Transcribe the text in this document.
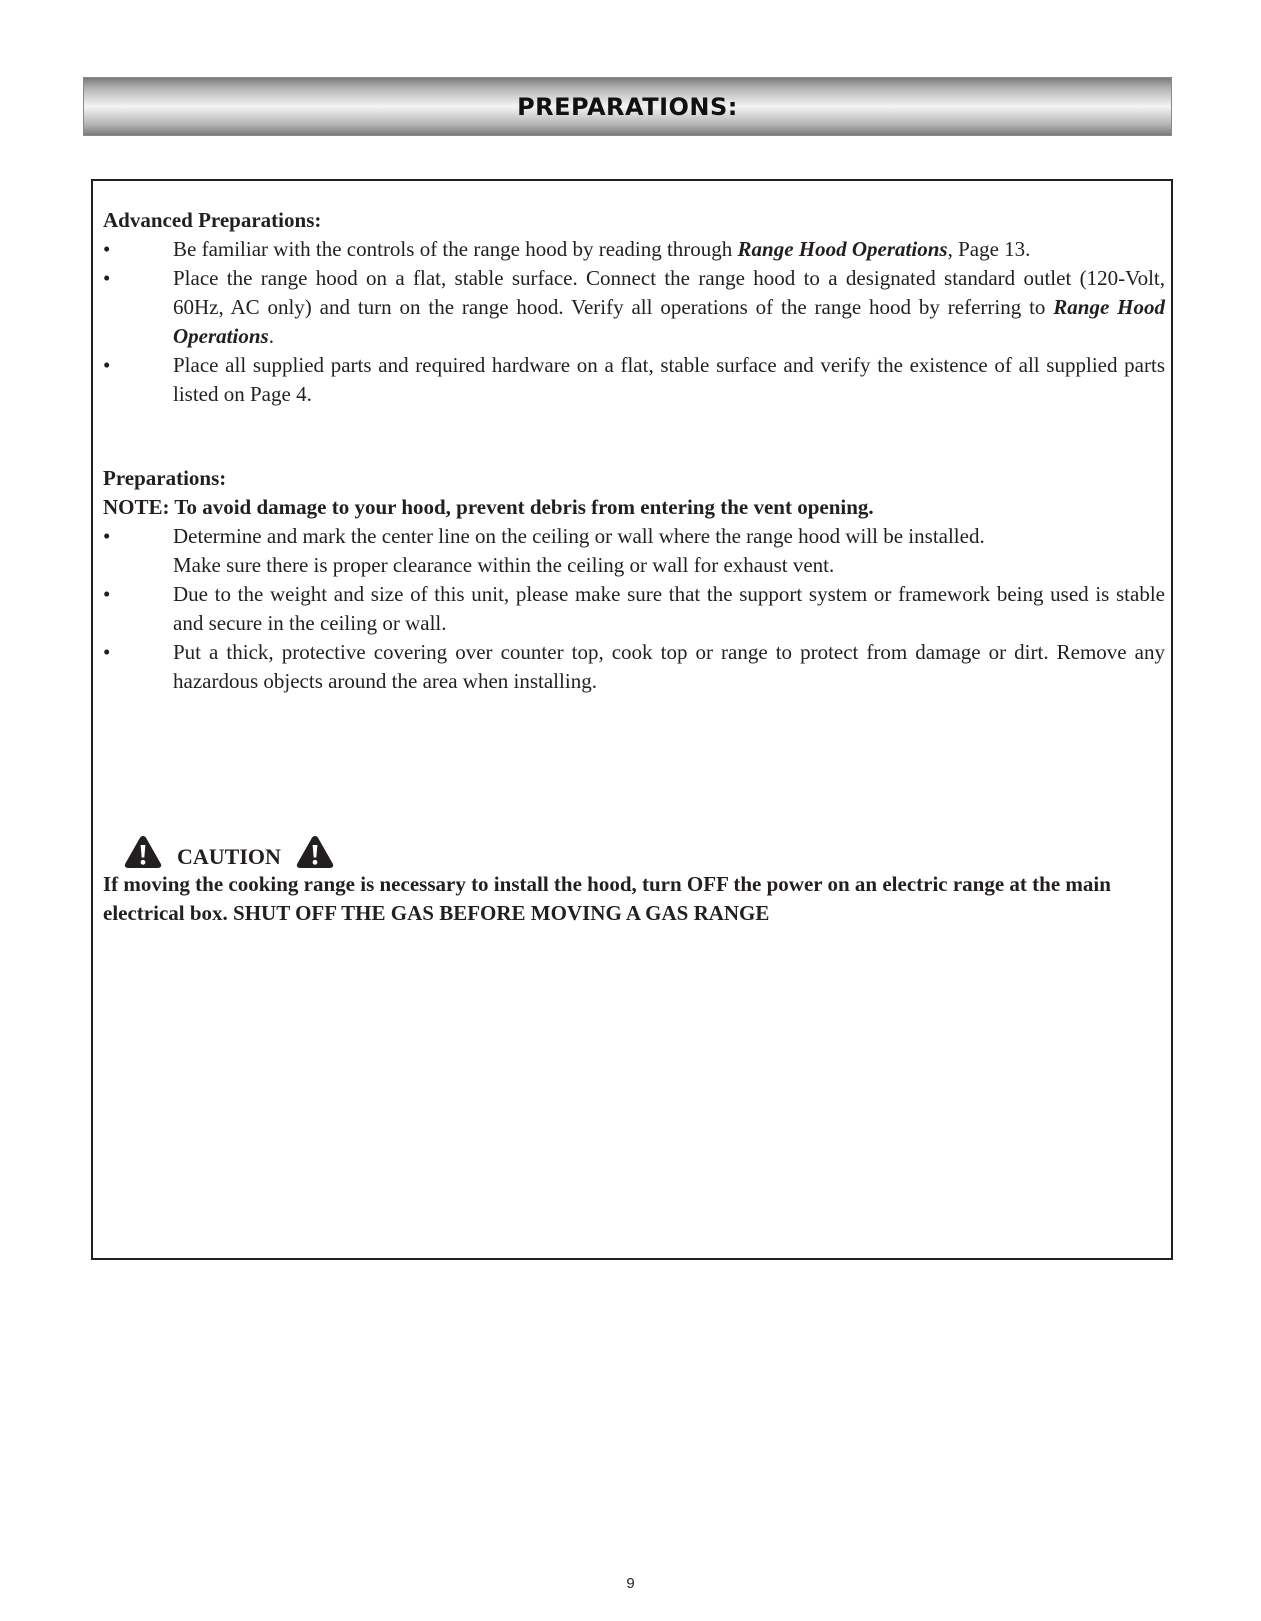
PREPARATIONS:
Advanced Preparations:
•	Be familiar with the controls of the range hood by reading through Range Hood Operations, Page 13.
•	Place the range hood on a flat, stable surface. Connect the range hood to a designated standard outlet (120-Volt, 60Hz, AC only) and turn on the range hood. Verify all operations of the range hood by referring to Range Hood Operations.
•	Place all supplied parts and required hardware on a flat, stable surface and verify the existence of all supplied parts listed on Page 4.
Preparations:
NOTE: To avoid damage to your hood, prevent debris from entering the vent opening.
•	Determine and mark the center line on the ceiling or wall where the range hood will be installed.
Make sure there is proper clearance within the ceiling or wall for exhaust vent.
•	Due to the weight and size of this unit, please make sure that the support system or framework being used is stable and secure in the ceiling or wall.
•	Put a thick, protective covering over counter top, cook top or range to protect from damage or dirt. Remove any hazardous objects around the area when installing.
CAUTION
If moving the cooking range is necessary to install the hood, turn OFF the power on an electric range at the main electrical box. SHUT OFF THE GAS BEFORE MOVING A GAS RANGE
9
